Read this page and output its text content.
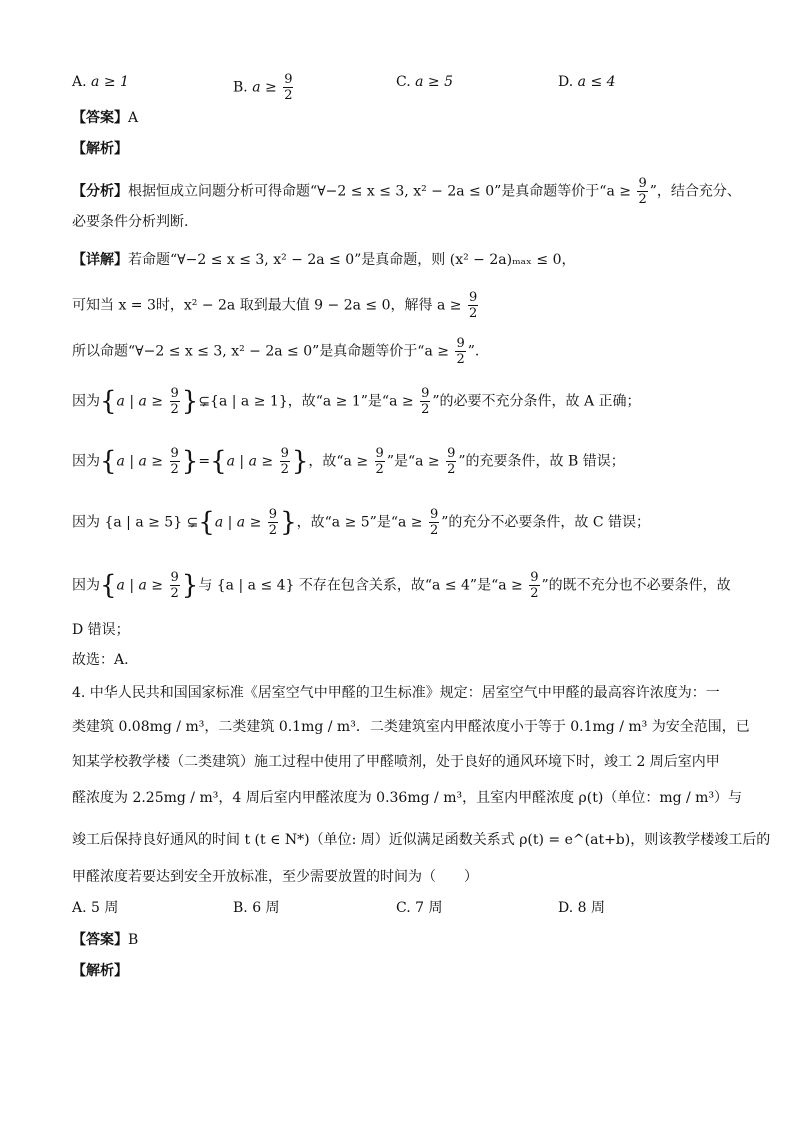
A. a ≥ 1	B. $a \ge \frac{9}{2}$	C. a ≥ 5	D. a ≤ 4
【答案】A
【解析】
【分析】根据恒成立问题分析可得命题“∀−2 ≤ x ≤ 3, x² − 2a ≤ 0”是真命题等价于“$a \ge \frac{9}{2}$ ”，结合充分、
必要条件分析判断.
【详解】若命题“∀−2 ≤ x ≤ 3, x² − 2a ≤ 0”是真命题，则 (x² − 2a)ₘₐₓ ≤ 0，
可知当 x = 3时，x² − 2a 取到最大值 9 − 2a ≤ 0，解得 $a \ge \frac{9}{2}$
所以命题“∀−2 ≤ x ≤ 3, x² − 2a ≤ 0”是真命题等价于“$a \ge \frac{9}{2}$ ”.
因为{a | $a \ge \frac{9}{2}$ }⊊{a | a ≥ 1}，故“a ≥ 1”是“$a \ge \frac{9}{2}$ ”的必要不充分条件，故 A 正确；
因为{a | $a \ge \frac{9}{2} \}=\{a$ | $a \ge \frac{9}{2}$ }，故“$a \ge \frac{9}{2}$ ”是“$a \ge \frac{9}{2}$ ”的充要条件，故 B 错误；
因为 {a | a ≥ 5} ⊊{a | $a \ge \frac{9}{2}$ }，故“a ≥ 5”是“$a \ge \frac{9}{2}$ ”的充分不必要条件，故 C 错误；
因为{a | $a \ge \frac{9}{2}$ }与 {a | a ≤ 4} 不存在包含关系，故“a ≤ 4”是“$a \ge \frac{9}{2}$ ”的既不充分也不必要条件，故
D 错误；
故选：A.
4. 中华人民共和国国家标准《居室空气中甲醛的卫生标准》规定：居室空气中甲醛的最高容许浓度为：一
类建筑 0.08mg / m³，二类建筑 0.1mg / m³．二类建筑室内甲醛浓度小于等于 0.1mg / m³ 为安全范围，已
知某学校教学楼（二类建筑）施工过程中使用了甲醛喷剂，处于良好的通风环境下时，竣工 2 周后室内甲
醛浓度为 2.25mg / m³，4 周后室内甲醛浓度为 0.36mg / m³，且室内甲醛浓度 ρ(t)（单位：mg / m³）与
竣工后保持良好通风的时间 t (t ∈ N*)（单位: 周）近似满足函数关系式 ρ(t) = e^(at+b)，则该教学楼竣工后的
甲醛浓度若要达到安全开放标准，至少需要放置的时间为（　　）
A. 5 周	B. 6 周	C. 7 周	D. 8 周
【答案】B
【解析】
